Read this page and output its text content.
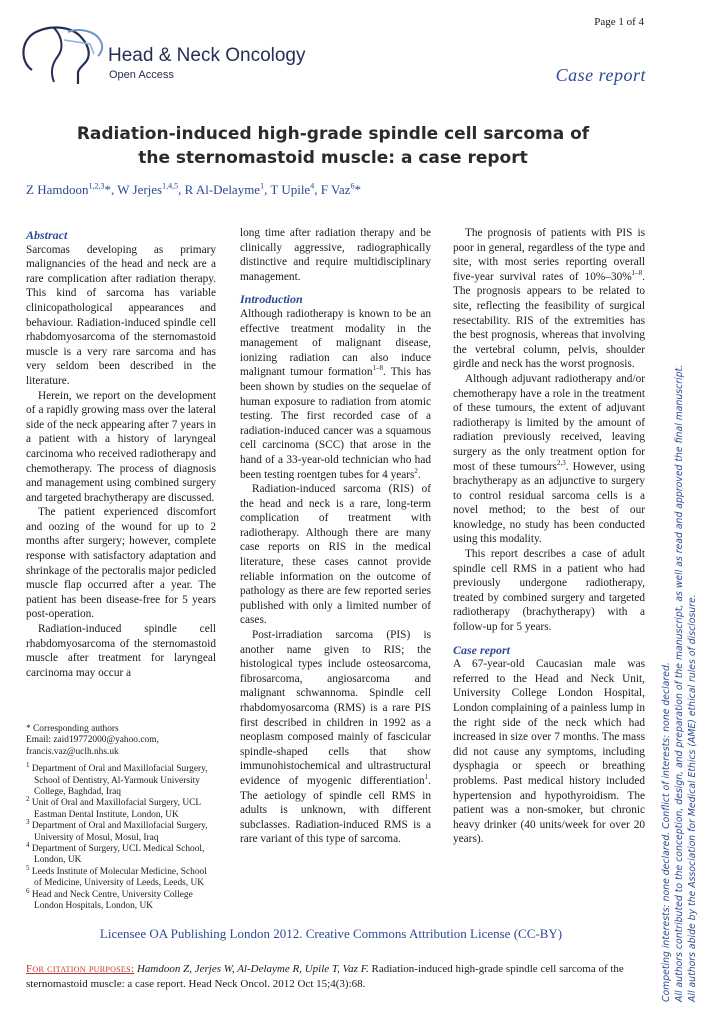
Page 1 of 4
Head & Neck Oncology
Open Access	Case report
Radiation-induced high-grade spindle cell sarcoma of
the sternomastoid muscle: a case report
Z Hamdoon$^{1,2,3}$*, W Jerjes$^{1,4,5}$, R Al-Delayme$^1$, T Upile$^4$, F Vaz$^6$*
Abstract

Sarcomas developing as primary malignancies of the head and neck are a rare complication after radiation therapy. This kind of sarcoma has variable clinicopathological appearances and behaviour. Radiation-induced spindle cell rhabdomyosarcoma of the sternomastoid muscle is a very rare sarcoma and has very seldom been described in the literature.

Herein, we report on the development of a rapidly growing mass over the lateral side of the neck appearing after 7 years in a patient with a history of laryngeal carcinoma who received radiotherapy and chemotherapy. The process of diagnosis and management using combined surgery and targeted brachytherapy are discussed.

The patient experienced discomfort and oozing of the wound for up to 2 months after surgery; however, complete response with satisfactory adaptation and shrinkage of the pectoralis major pedicled muscle flap occurred after a year. The patient has been disease-free for 5 years post-operation.

Radiation-induced spindle cell rhabdomyosarcoma of the sternomastoid muscle after treatment for laryngeal carcinoma may occur a

* Corresponding authors

Email: zaid19772000@yahoo.com,

francis.vaz@uclh.nhs.uk

$^1$ Department of Oral and Maxillofacial Surgery, School of Dentistry, Al-Yarmouk University College, Baghdad, Iraq

$^2$ Unit of Oral and Maxillofacial Surgery, UCL Eastman Dental Institute, London, UK

$^3$ Department of Oral and Maxillofacial Surgery, University of Mosul, Mosul, Iraq

$^4$ Department of Surgery, UCL Medical School, London, UK

$^5$ Leeds Institute of Molecular Medicine, School of Medicine, University of Leeds, Leeds, UK

$^6$ Head and Neck Centre, University College London Hospitals, London, UK

long time after radiation therapy and be clinically aggressive, radiographically distinctive and require multidisciplinary management.

Introduction

Although radiotherapy is known to be an effective treatment modality in the management of malignant disease, ionizing radiation can also induce malignant tumour formation$^{1-8}$. This has been shown by studies on the sequelae of human exposure to radiation from atomic testing. The first recorded case of a radiation-induced cancer was a squamous cell carcinoma (SCC) that arose in the hand of a 33-year-old technician who had been testing roentgen tubes for 4 years$^2$.

Radiation-induced sarcoma (RIS) of the head and neck is a rare, long-term complication of treatment with radiotherapy. Although there are many case reports on RIS in the medical literature, these cases cannot provide reliable information on the outcome of pathology as there are few reported series published with only a limited number of cases.

Post-irradiation sarcoma (PIS) is another name given to RIS; the histological types include osteosarcoma, fibrosarcoma, angiosarcoma and malignant schwannoma. Spindle cell rhabdomyosarcoma (RMS) is a rare PIS first described in children in 1992 as a neoplasm composed mainly of fascicular spindle-shaped cells that show immunohistochemical and ultrastructural evidence of myogenic differentiation$^1$. The aetiology of spindle cell RMS in adults is unknown, with different subclasses. Radiation-induced RMS is a rare variant of this type of sarcoma.

The prognosis of patients with PIS is poor in general, regardless of the type and site, with most series reporting overall five-year survival rates of 10%–30%$^{1-8}$. The prognosis appears to be related to site, reflecting the feasibility of surgical resectability. RIS of the extremities has the best prognosis, whereas that involving the vertebral column, pelvis, shoulder girdle and neck has the worst prognosis.

Although adjuvant radiotherapy and/or chemotherapy have a role in the treatment of these tumours, the extent of adjuvant radiotherapy is limited by the amount of radiation previously received, leaving surgery as the only treatment option for most of these tumours$^{2,3}$. However, using brachytherapy as an adjunctive to surgery to control residual sarcoma cells is a novel method; to the best of our knowledge, no study has been conducted using this modality.

This report describes a case of adult spindle cell RMS in a patient who had previously undergone radiotherapy, treated by combined surgery and targeted radiotherapy (brachytherapy) with a follow-up for 5 years.

Case report

A 67-year-old Caucasian male was referred to the Head and Neck Unit, University College London Hospital, London complaining of a painless lump in the right side of the neck which had increased in size over 7 months. The mass did not cause any symptoms, including dysphagia or speech or breathing problems. Past medical history included hypertension and hypothyroidism. The patient was a non-smoker, but chronic heavy drinker (40 units/week for over 20 years).

Licensee OA Publishing London 2012. Creative Commons Attribution License (CC-BY)
For citation purposes: Hamdoon Z, Jerjes W, Al-Delayme R, Upile T, Vaz F. Radiation-induced high-grade spindle cell sarcoma of the sternomastoid muscle: a case report. Head Neck Oncol. 2012 Oct 15;4(3):68.	Competing interests: none declared. Conflict of interests: none declared. All authors contributed to the conception, design, and preparation of the manuscript, as well as read and approved the final manuscript. All authors abide by the Association for Medical Ethics (AME) ethical rules of disclosure.
